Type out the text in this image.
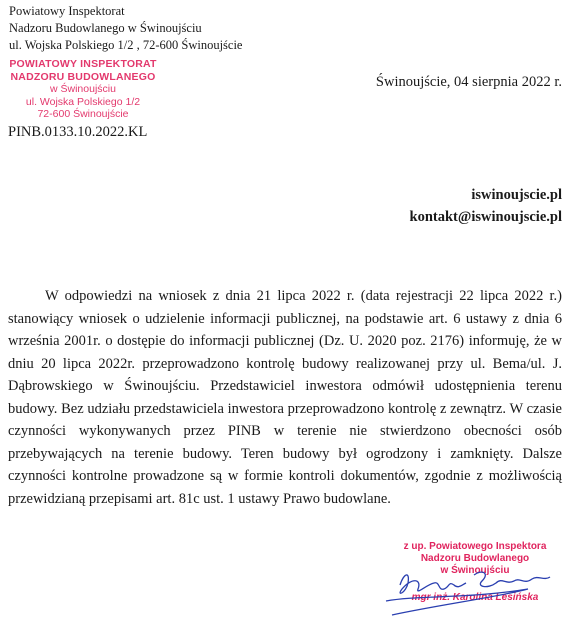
Powiatowy Inspektorat
Nadzoru Budowlanego w Świnoujściu
ul. Wojska Polskiego 1/2 , 72-600 Świnoujście
POWIATOWY INSPEKTORAT
NADZORU BUDOWLANEGO
w Świnoujściu
ul. Wojska Polskiego 1/2
72-600 Świnoujście
Świnoujście, 04 sierpnia 2022 r.
PINB.0133.10.2022.KL
iswinoujscie.pl
kontakt@iswinoujscie.pl
W odpowiedzi na wniosek z dnia 21 lipca 2022 r. (data rejestracji 22 lipca 2022 r.) stanowiący wniosek o udzielenie informacji publicznej, na podstawie art. 6 ustawy z dnia 6 września 2001r. o dostępie do informacji publicznej (Dz. U. 2020 poz. 2176) informuję, że w dniu 20 lipca 2022r. przeprowadzono kontrolę budowy realizowanej przy ul. Bema/ul. J. Dąbrowskiego w Świnoujściu. Przedstawiciel inwestora odmówił udostępnienia terenu budowy. Bez udziału przedstawiciela inwestora przeprowadzono kontrolę z zewnątrz. W czasie czynności wykonywanych przez PINB w terenie nie stwierdzono obecności osób przebywających na terenie budowy. Teren budowy był ogrodzony i zamknięty. Dalsze czynności kontrolne prowadzone są w formie kontroli dokumentów, zgodnie z możliwością przewidzianą przepisami art. 81c ust. 1 ustawy Prawo budowlane.
z up. Powiatowego Inspektora
Nadzoru Budowlanego
w Świnoujściu
mgr inż. Karolina Lesińska
